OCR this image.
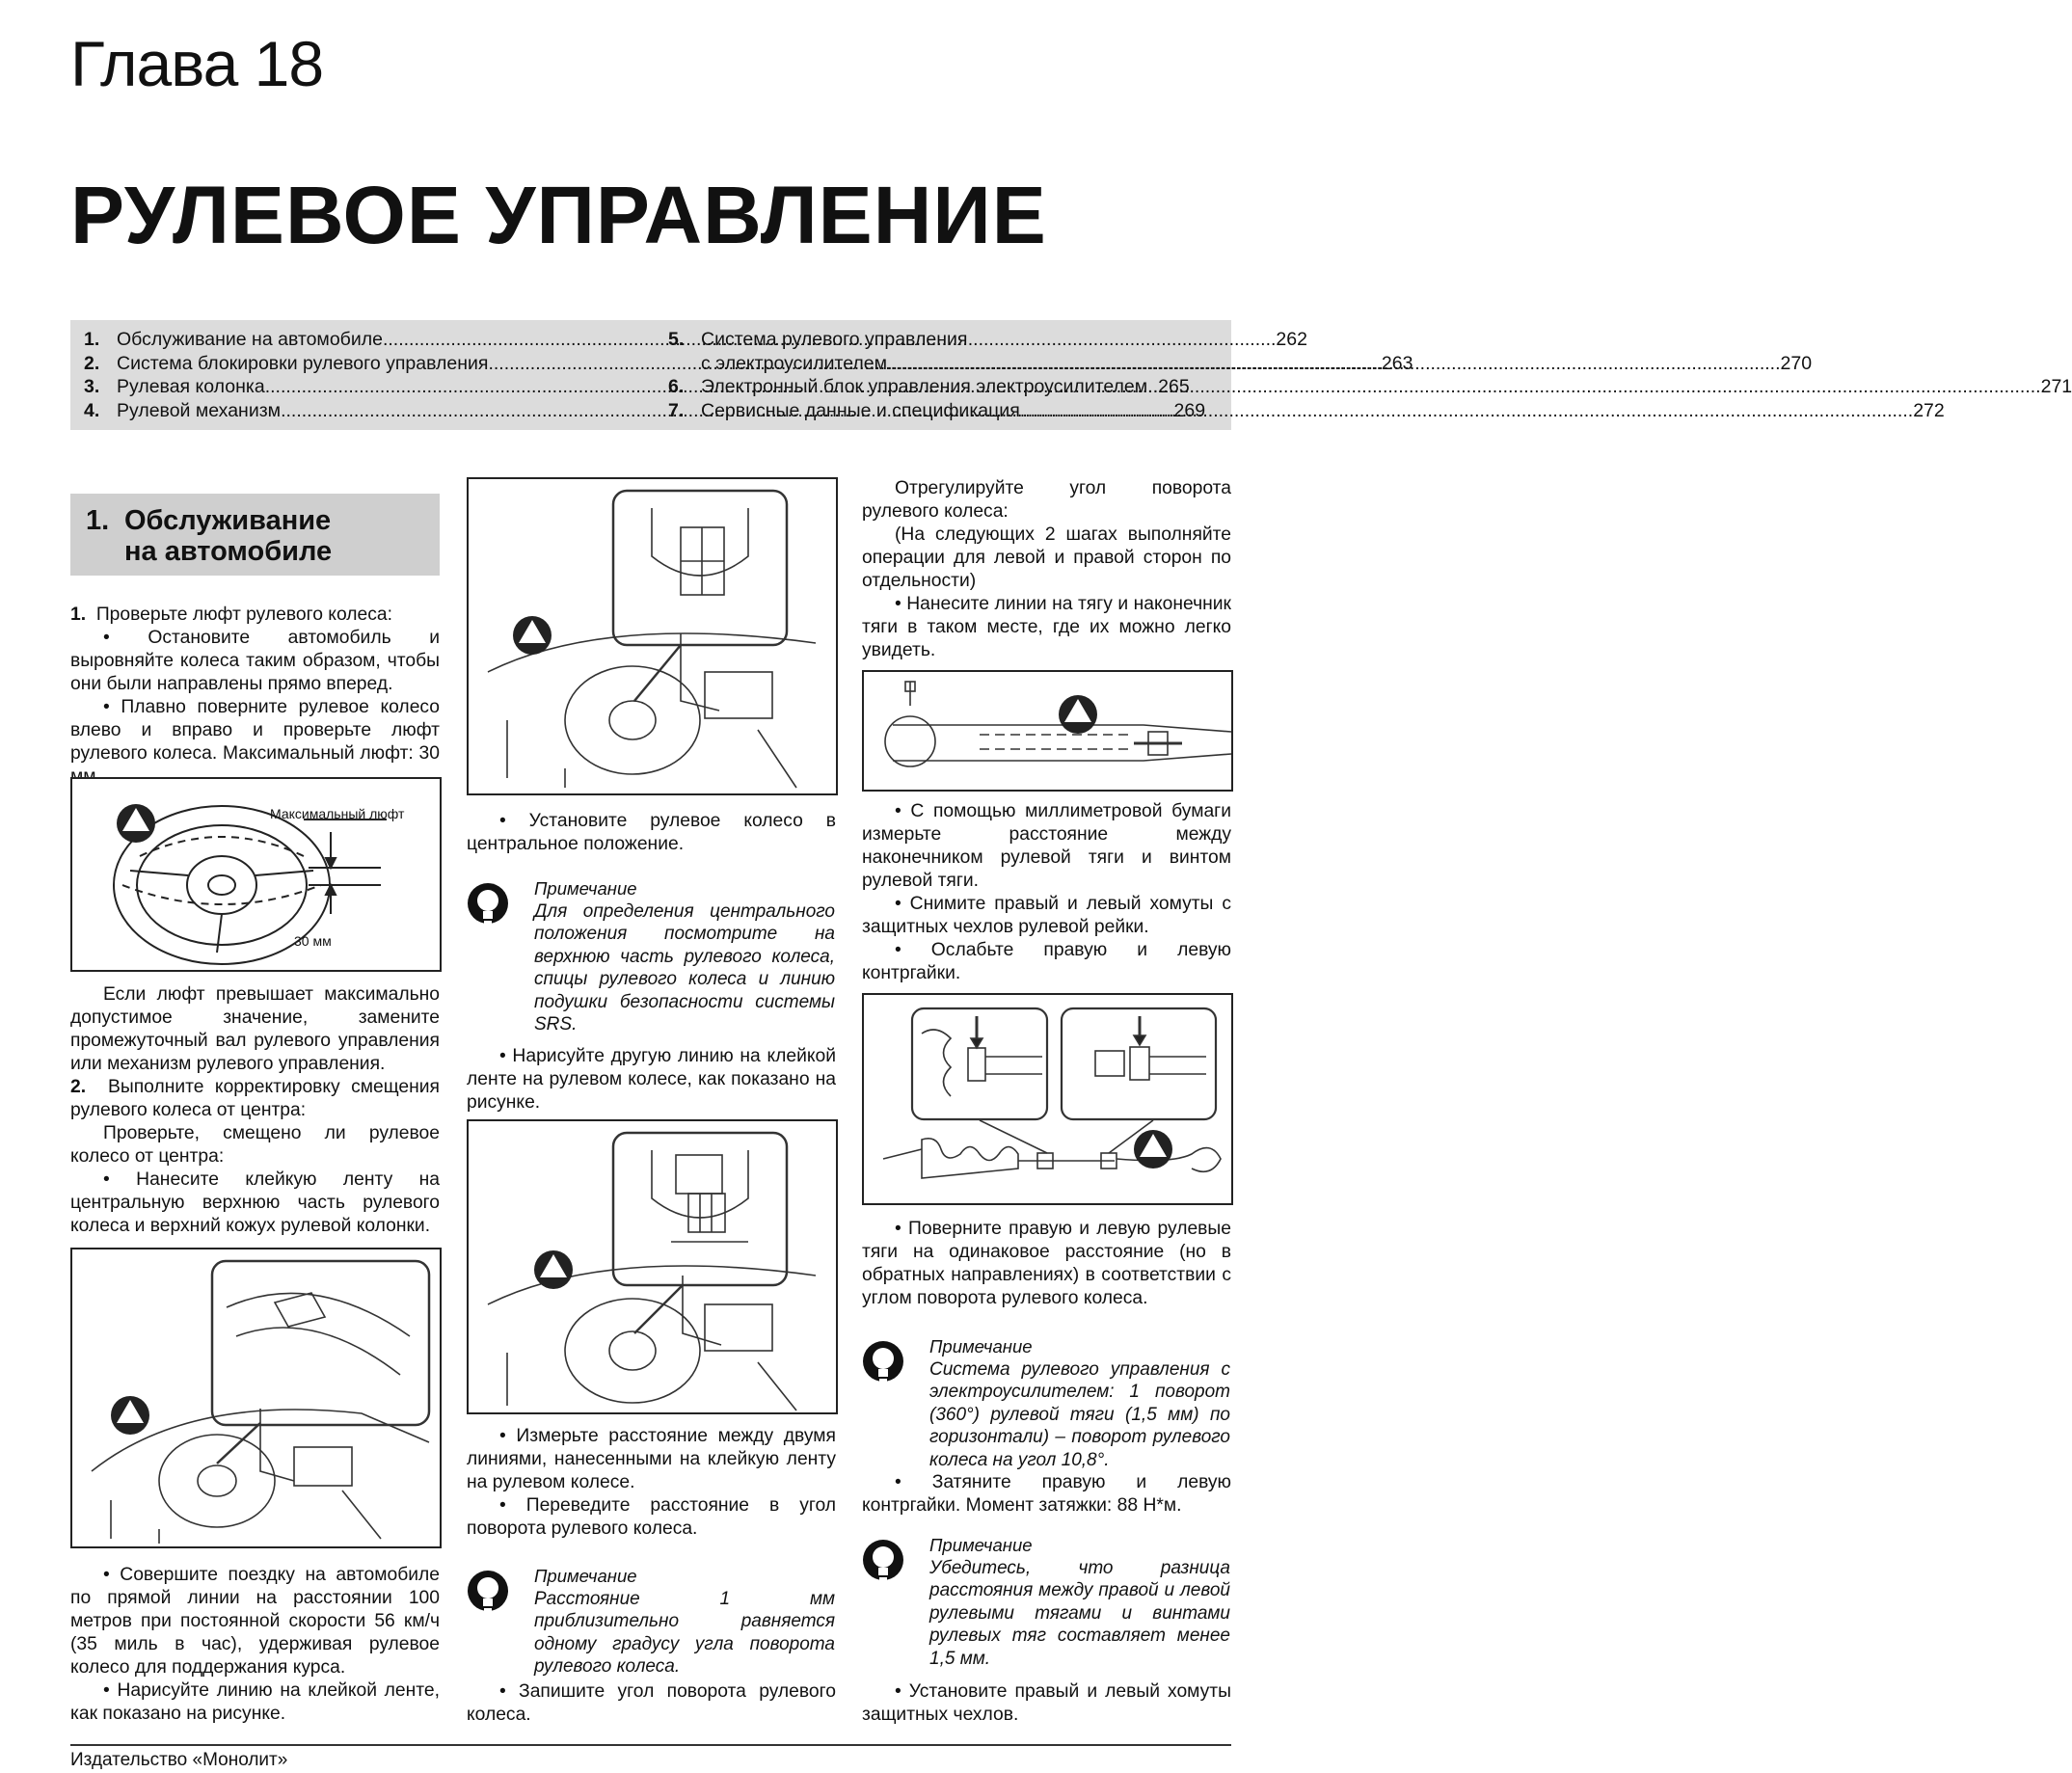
Глава 18
РУЛЕВОЕ УПРАВЛЕНИЕ
1. Обслуживание на автомобиле .....	262
2. Система блокировки рулевого управления .....	263
3. Рулевая колонка .....	265
4. Рулевой механизм .....	269
5. Система рулевого управления
с электроусилителем .....	270
6. Электронный блок управления электроусилителем .....	271
7. Сервисные данные и спецификация .....	272
1. Обслуживание
на автомобиле

1. Проверьте люфт рулевого колеса:

• Остановите автомобиль и выровняйте колеса таким образом, чтобы они были направлены прямо вперед.

• Плавно поверните рулевое колесо влево и вправо и проверьте люфт рулевого колеса. Максимальный люфт: 30

Максимальный люфт
30 мм

Если люфт превышает максимально допустимое значение, замените промежуточный вал рулевого управления или механизм рулевого управления.

2. Выполните корректировку смещения рулевого колеса от центра:

Проверьте, смещено ли рулевое колесо от центра:

• Нанесите клейкую ленту на центральную верхнюю часть рулевого колеса и верхний кожух рулевой колонки.

• Совершите поездку на автомобиле по прямой линии на расстоянии 100 метров при постоянной скорости 56 км/ч (35 миль в час), удерживая рулевое колесо для поддержания курса.

• Нарисуйте линию на клейкой ленте, как показано на рисунке.

• Установите рулевое колесо в центральное положение.

Примечание

Для определения центрального положения посмотрите на верхнюю часть рулевого колеса, спицы рулевого колеса и линию подушки безопасности системы SRS.

• Нарисуйте другую линию на клейкой ленте на рулевом колесе, как показано на рисунке.

• Измерьте расстояние между двумя линиями, нанесенными на клейкую ленту на рулевом колесе.

• Переведите расстояние в угол поворота рулевого колеса.

Примечание

Расстояние 1 мм приблизительно равняется одному градусу угла поворота рулевого колеса.

• Запишите угол поворота рулевого колеса.

Отрегулируйте угол поворота рулевого колеса:

(На следующих 2 шагах выполняйте операции для левой и правой сторон по отдельности)

• Нанесите линии на тягу и наконечник тяги в таком месте, где их можно легко увидеть.

• С помощью миллиметровой бумаги измерьте расстояние между наконечником рулевой тяги и винтом рулевой тяги.

• Снимите правый и левый хомуты с защитных чехлов рулевой рейки.

• Ослабьте правую и левую контргайки.

• Поверните правую и левую рулевые тяги на одинаковое расстояние (но в обратных направлениях) в соответствии с углом поворота рулевого колеса.

Примечание

Система рулевого управления с электроусилителем: 1 поворот (360°) рулевой тяги (1,5 мм) по горизонтали) – поворот рулевого колеса на угол 10,8°.

• Затяните правую и левую контргайки. Момент затяжки: 88 Н*м.

Примечание

Убедитесь, что разница расстояния между правой и левой рулевыми тягами и винтами рулевых тяг составляет менее 1,5 мм.

• Установите правый и левый хомуты защитных чехлов.

Издательство «Монолит»
